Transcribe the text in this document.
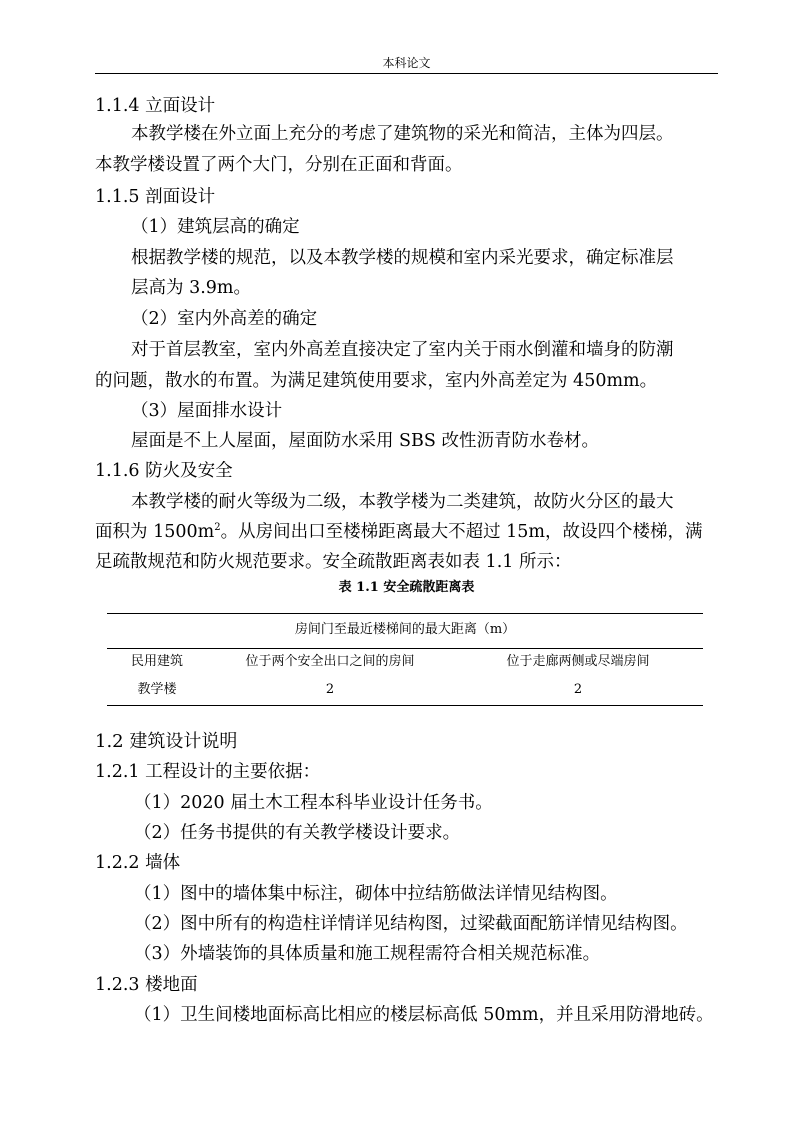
本科论文
1.1.4 立面设计
本教学楼在外立面上充分的考虑了建筑物的采光和简洁，主体为四层。
本教学楼设置了两个大门，分别在正面和背面。
1.1.5 剖面设计
（1）建筑层高的确定
根据教学楼的规范，以及本教学楼的规模和室内采光要求，确定标准层
层高为 3.9m。
（2）室内外高差的确定
对于首层教室，室内外高差直接决定了室内关于雨水倒灌和墙身的防潮
的问题，散水的布置。为满足建筑使用要求，室内外高差定为 450mm。
（3）屋面排水设计
屋面是不上人屋面，屋面防水采用 SBS 改性沥青防水卷材。
1.1.6 防火及安全
本教学楼的耐火等级为二级，本教学楼为二类建筑，故防火分区的最大
面积为 $1500m^2$。从房间出口至楼梯距离最大不超过 15m，故设四个楼梯，满
足疏散规范和防火规范要求。安全疏散距离表如表 1.1 所示：
表 1.1 安全疏散距离表
房间门至最近楼梯间的最大距离（m）
民用建筑	位于两个安全出口之间的房间	位于走廊两侧或尽端房间
教学楼	2	2
1.2 建筑设计说明
1.2.1 工程设计的主要依据：
（1）2020 届土木工程本科毕业设计任务书。
（2）任务书提供的有关教学楼设计要求。
1.2.2 墙体
（1）图中的墙体集中标注，砌体中拉结筋做法详情见结构图。
（2）图中所有的构造柱详情详见结构图，过梁截面配筋详情见结构图。
（3）外墙装饰的具体质量和施工规程需符合相关规范标准。
1.2.3 楼地面
（1）卫生间楼地面标高比相应的楼层标高低 50mm，并且采用防滑地砖。
